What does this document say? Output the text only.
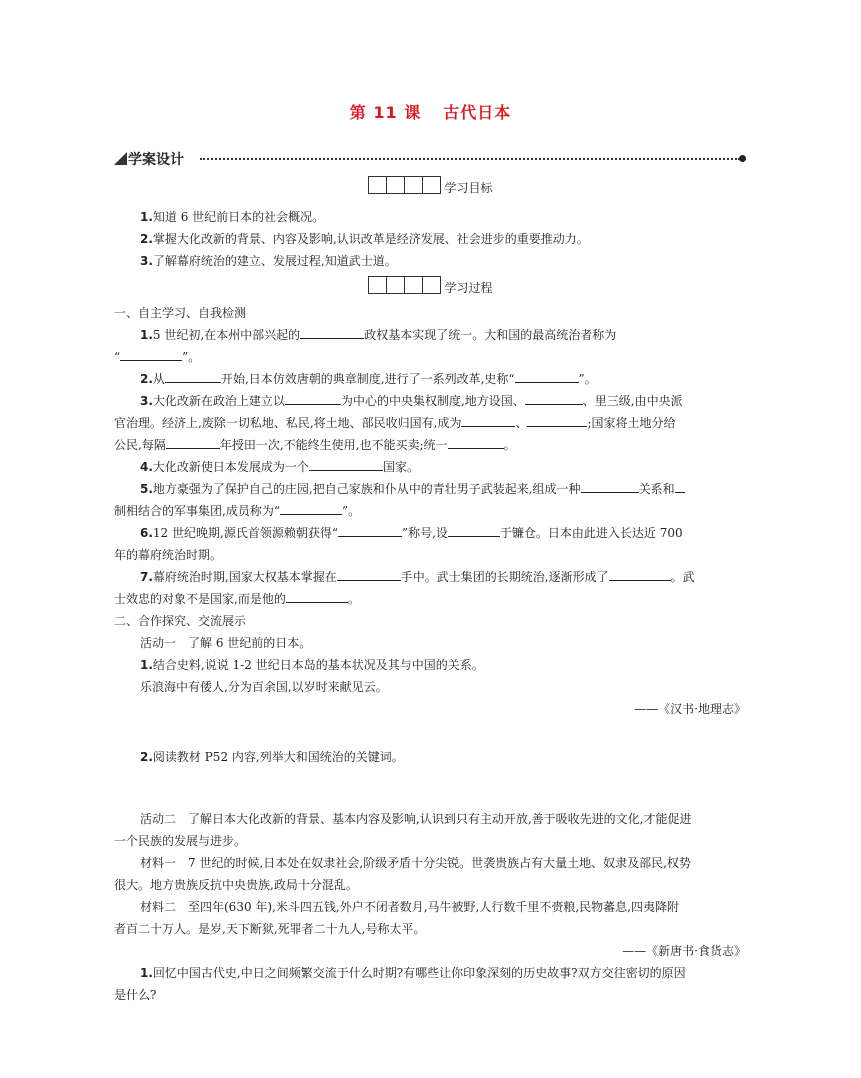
第 11 课 古代日本
学案设计
学习目标
1.知道 6 世纪前日本的社会概况。
2.掌握大化改新的背景、内容及影响,认识改革是经济发展、社会进步的重要推动力。
3.了解幕府统治的建立、发展过程,知道武士道。
学习过程
一、自主学习、自我检测
1.5 世纪初,在本州中部兴起的	政权基本实现了统一。大和国的最高统治者称为
“	”。
2.从	开始,日本仿效唐朝的典章制度,进行了一系列改革,史称“	”。
3.大化改新在政治上建立以	为中心的中央集权制度,地方设国、	、里三级,由中央派
官治理。经济上,废除一切私地、私民,将土地、部民收归国有,成为	、	;国家将土地分给
公民,每隔	年授田一次,不能终生使用,也不能买卖;统一	。
4.大化改新使日本发展成为一个	国家。
5.地方豪强为了保护自己的庄园,把自己家族和仆从中的青壮男子武装起来,组成一种	关系和
制相结合的军事集团,成员称为“	”。
6.12 世纪晚期,源氏首领源赖朝获得“	”称号,设	于镰仓。日本由此进入长达近 700
年的幕府统治时期。
7.幕府统治时期,国家大权基本掌握在	手中。武士集团的长期统治,逐渐形成了	。武
士效忠的对象不是国家,而是他的	。
二、合作探究、交流展示
活动一　了解 6 世纪前的日本。
1.结合史料,说说 1-2 世纪日本岛的基本状况及其与中国的关系。
乐浪海中有倭人,分为百余国,以岁时来献见云。
——《汉书·地理志》
2.阅读教材 P52 内容,列举大和国统治的关键词。
活动二　了解日本大化改新的背景、基本内容及影响,认识到只有主动开放,善于吸收先进的文化,才能促进
一个民族的发展与进步。
材料一　7 世纪的时候,日本处在奴隶社会,阶级矛盾十分尖锐。世袭贵族占有大量土地、奴隶及部民,权势
很大。地方贵族反抗中央贵族,政局十分混乱。
材料二　至四年(630 年),米斗四五钱,外户不闭者数月,马牛被野,人行数千里不赍粮,民物蕃息,四夷降附
者百二十万人。是岁,天下断狱,死罪者二十九人,号称太平。
——《新唐书·食货志》
1.回忆中国古代史,中日之间频繁交流于什么时期?有哪些让你印象深刻的历史故事?双方交往密切的原因
是什么?
